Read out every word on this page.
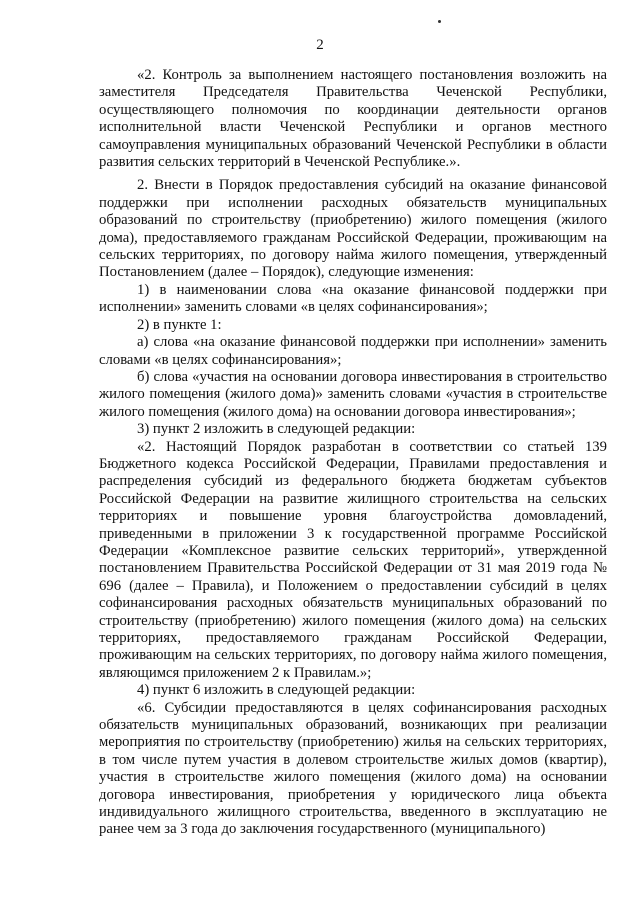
2

«2. Контроль за выполнением настоящего постановления возложить на заместителя Председателя Правительства Чеченской Республики, осуществляющего полномочия по координации деятельности органов исполнительной власти Чеченской Республики и органов местного самоуправления муниципальных образований Чеченской Республики в области развития сельских территорий в Чеченской Республике.».

2. Внести в Порядок предоставления субсидий на оказание финансовой поддержки при исполнении расходных обязательств муниципальных образований по строительству (приобретению) жилого помещения (жилого дома), предоставляемого гражданам Российской Федерации, проживающим на сельских территориях, по договору найма жилого помещения, утвержденный Постановлением (далее – Порядок), следующие изменения:

1) в наименовании слова «на оказание финансовой поддержки при исполнении» заменить словами «в целях софинансирования»;

2) в пункте 1:

а) слова «на оказание финансовой поддержки при исполнении» заменить словами «в целях софинансирования»;

б) слова «участия на основании договора инвестирования в строительство жилого помещения (жилого дома)» заменить словами «участия в строительстве жилого помещения (жилого дома) на основании договора инвестирования»;

3) пункт 2 изложить в следующей редакции:

«2. Настоящий Порядок разработан в соответствии со статьей 139 Бюджетного кодекса Российской Федерации, Правилами предоставления и распределения субсидий из федерального бюджета бюджетам субъектов Российской Федерации на развитие жилищного строительства на сельских территориях и повышение уровня благоустройства домовладений, приведенными в приложении 3 к государственной программе Российской Федерации «Комплексное развитие сельских территорий», утвержденной постановлением Правительства Российской Федерации от 31 мая 2019 года № 696 (далее – Правила), и Положением о предоставлении субсидий в целях софинансирования расходных обязательств муниципальных образований по строительству (приобретению) жилого помещения (жилого дома) на сельских территориях, предоставляемого гражданам Российской Федерации, проживающим на сельских территориях, по договору найма жилого помещения, являющимся приложением 2 к Правилам.»;

4) пункт 6 изложить в следующей редакции:

«6. Субсидии предоставляются в целях софинансирования расходных обязательств муниципальных образований, возникающих при реализации мероприятия по строительству (приобретению) жилья на сельских территориях, в том числе путем участия в долевом строительстве жилых домов (квартир), участия в строительстве жилого помещения (жилого дома) на основании договора инвестирования, приобретения у юридического лица объекта индивидуального жилищного строительства, введенного в эксплуатацию не ранее чем за 3 года до заключения государственного (муниципального)
